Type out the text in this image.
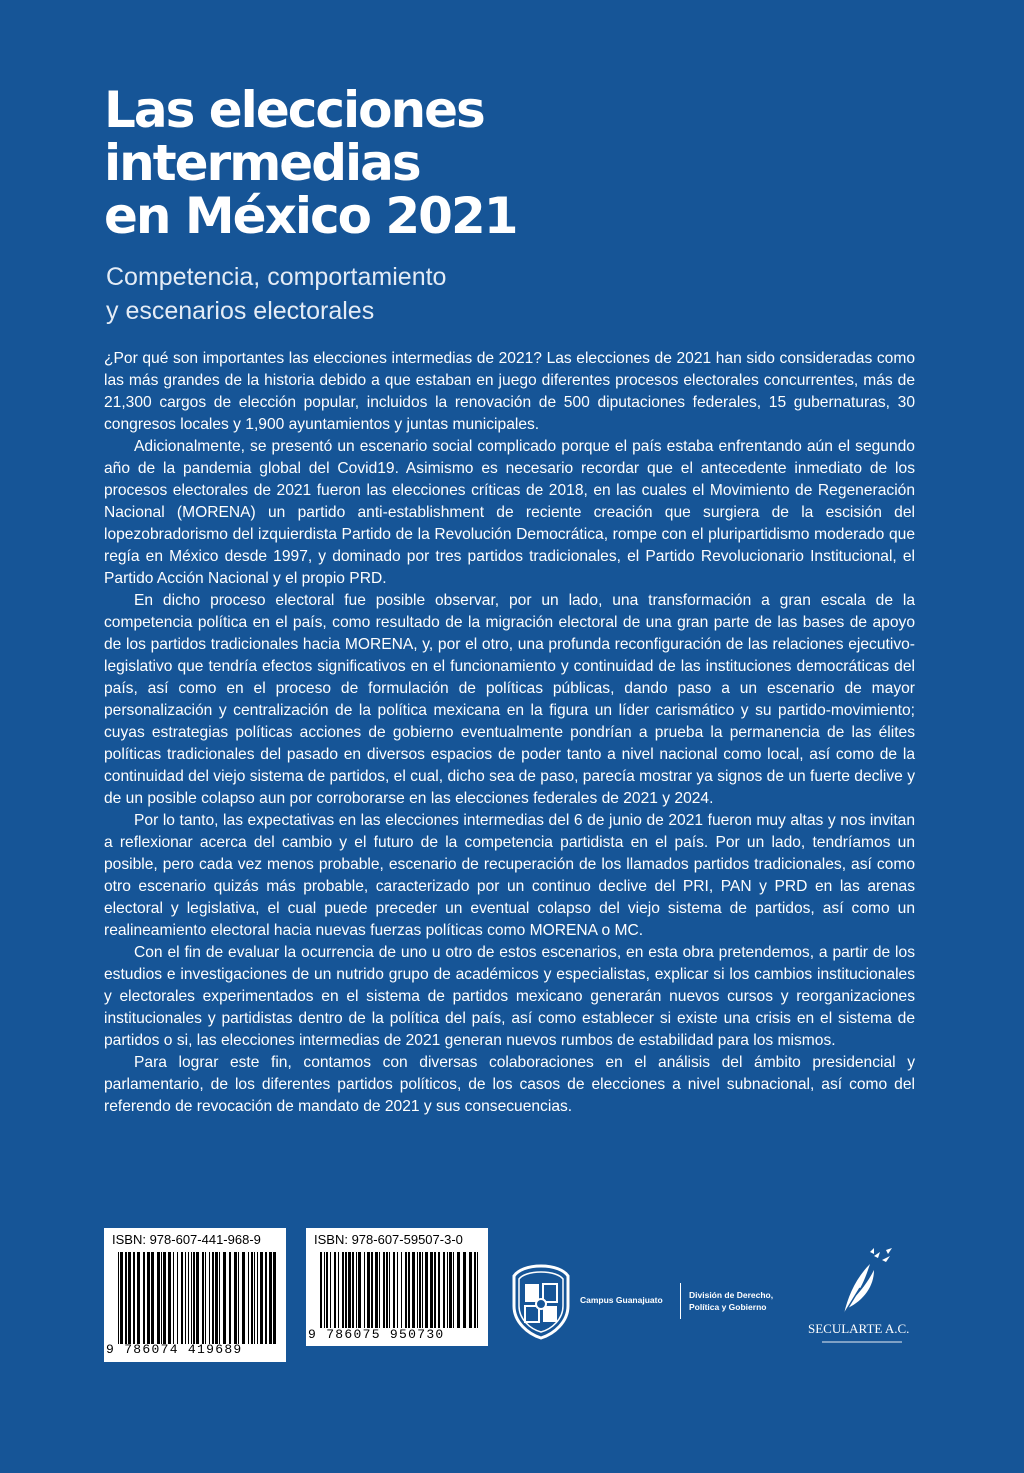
Las elecciones
intermedias
en México 2021
Competencia, comportamiento
y escenarios electorales

¿Por qué son importantes las elecciones intermedias de 2021? Las elecciones de 2021 han sido consideradas como las más grandes de la historia debido a que estaban en juego diferentes procesos electorales concurrentes, más de 21,300 cargos de elección popular, incluidos la renovación de 500 diputaciones federales, 15 gubernaturas, 30 congresos locales y 1,900 ayuntamientos y juntas municipales.

Adicionalmente, se presentó un escenario social complicado porque el país estaba enfrentando aún el segundo año de la pandemia global del Covid19. Asimismo es necesario recordar que el antecedente inmediato de los procesos electorales de 2021 fueron las elecciones críticas de 2018, en las cuales el Movimiento de Regeneración Nacional (MORENA) un partido anti-establishment de reciente creación que surgiera de la escisión del lopezobradorismo del izquierdista Partido de la Revolución Democrática, rompe con el pluripartidismo moderado que regía en México desde 1997, y dominado por tres partidos tradicionales, el Partido Revolucionario Institucional, el Partido Acción Nacional y el propio PRD.

En dicho proceso electoral fue posible observar, por un lado, una transformación a gran escala de la competencia política en el país, como resultado de la migración electoral de una gran parte de las bases de apoyo de los partidos tradicionales hacia MORENA, y, por el otro, una profunda reconfiguración de las relaciones ejecutivo-legislativo que tendría efectos significativos en el funcionamiento y continuidad de las instituciones democráticas del país, así como en el proceso de formulación de políticas públicas, dando paso a un escenario de mayor personalización y centralización de la política mexicana en la figura un líder carismático y su partido-movimiento; cuyas estrategias políticas acciones de gobierno eventualmente pondrían a prueba la permanencia de las élites políticas tradicionales del pasado en diversos espacios de poder tanto a nivel nacional como local, así como de la continuidad del viejo sistema de partidos, el cual, dicho sea de paso, parecía mostrar ya signos de un fuerte declive y de un posible colapso aun por corroborarse en las elecciones federales de 2021 y 2024.

Por lo tanto, las expectativas en las elecciones intermedias del 6 de junio de 2021 fueron muy altas y nos invitan a reflexionar acerca del cambio y el futuro de la competencia partidista en el país. Por un lado, tendríamos un posible, pero cada vez menos probable, escenario de recuperación de los llamados partidos tradicionales, así como otro escenario quizás más probable, caracterizado por un continuo declive del PRI, PAN y PRD en las arenas electoral y legislativa, el cual puede preceder un eventual colapso del viejo sistema de partidos, así como un realineamiento electoral hacia nuevas fuerzas políticas como MORENA o MC.

Con el fin de evaluar la ocurrencia de uno u otro de estos escenarios, en esta obra pretendemos, a partir de los estudios e investigaciones de un nutrido grupo de académicos y especialistas, explicar si los cambios institucionales y electorales experimentados en el sistema de partidos mexicano generarán nuevos cursos y reorganizaciones institucionales y partidistas dentro de la política del país, así como establecer si existe una crisis en el sistema de partidos o si, las elecciones intermedias de 2021 generan nuevos rumbos de estabilidad para los mismos.

Para lograr este fin, contamos con diversas colaboraciones en el análisis del ámbito presidencial y parlamentario, de los diferentes partidos políticos, de los casos de elecciones a nivel subnacional, así como del referendo de revocación de mandato de 2021 y sus consecuencias.

ISBN: 978-607-441-968-9
9 786074 419689
ISBN: 978-607-59507-3-0
9 786075 950730
Campus Guanajuato	División de Derecho,
Política y Gobierno
SECULARTE A.C.
